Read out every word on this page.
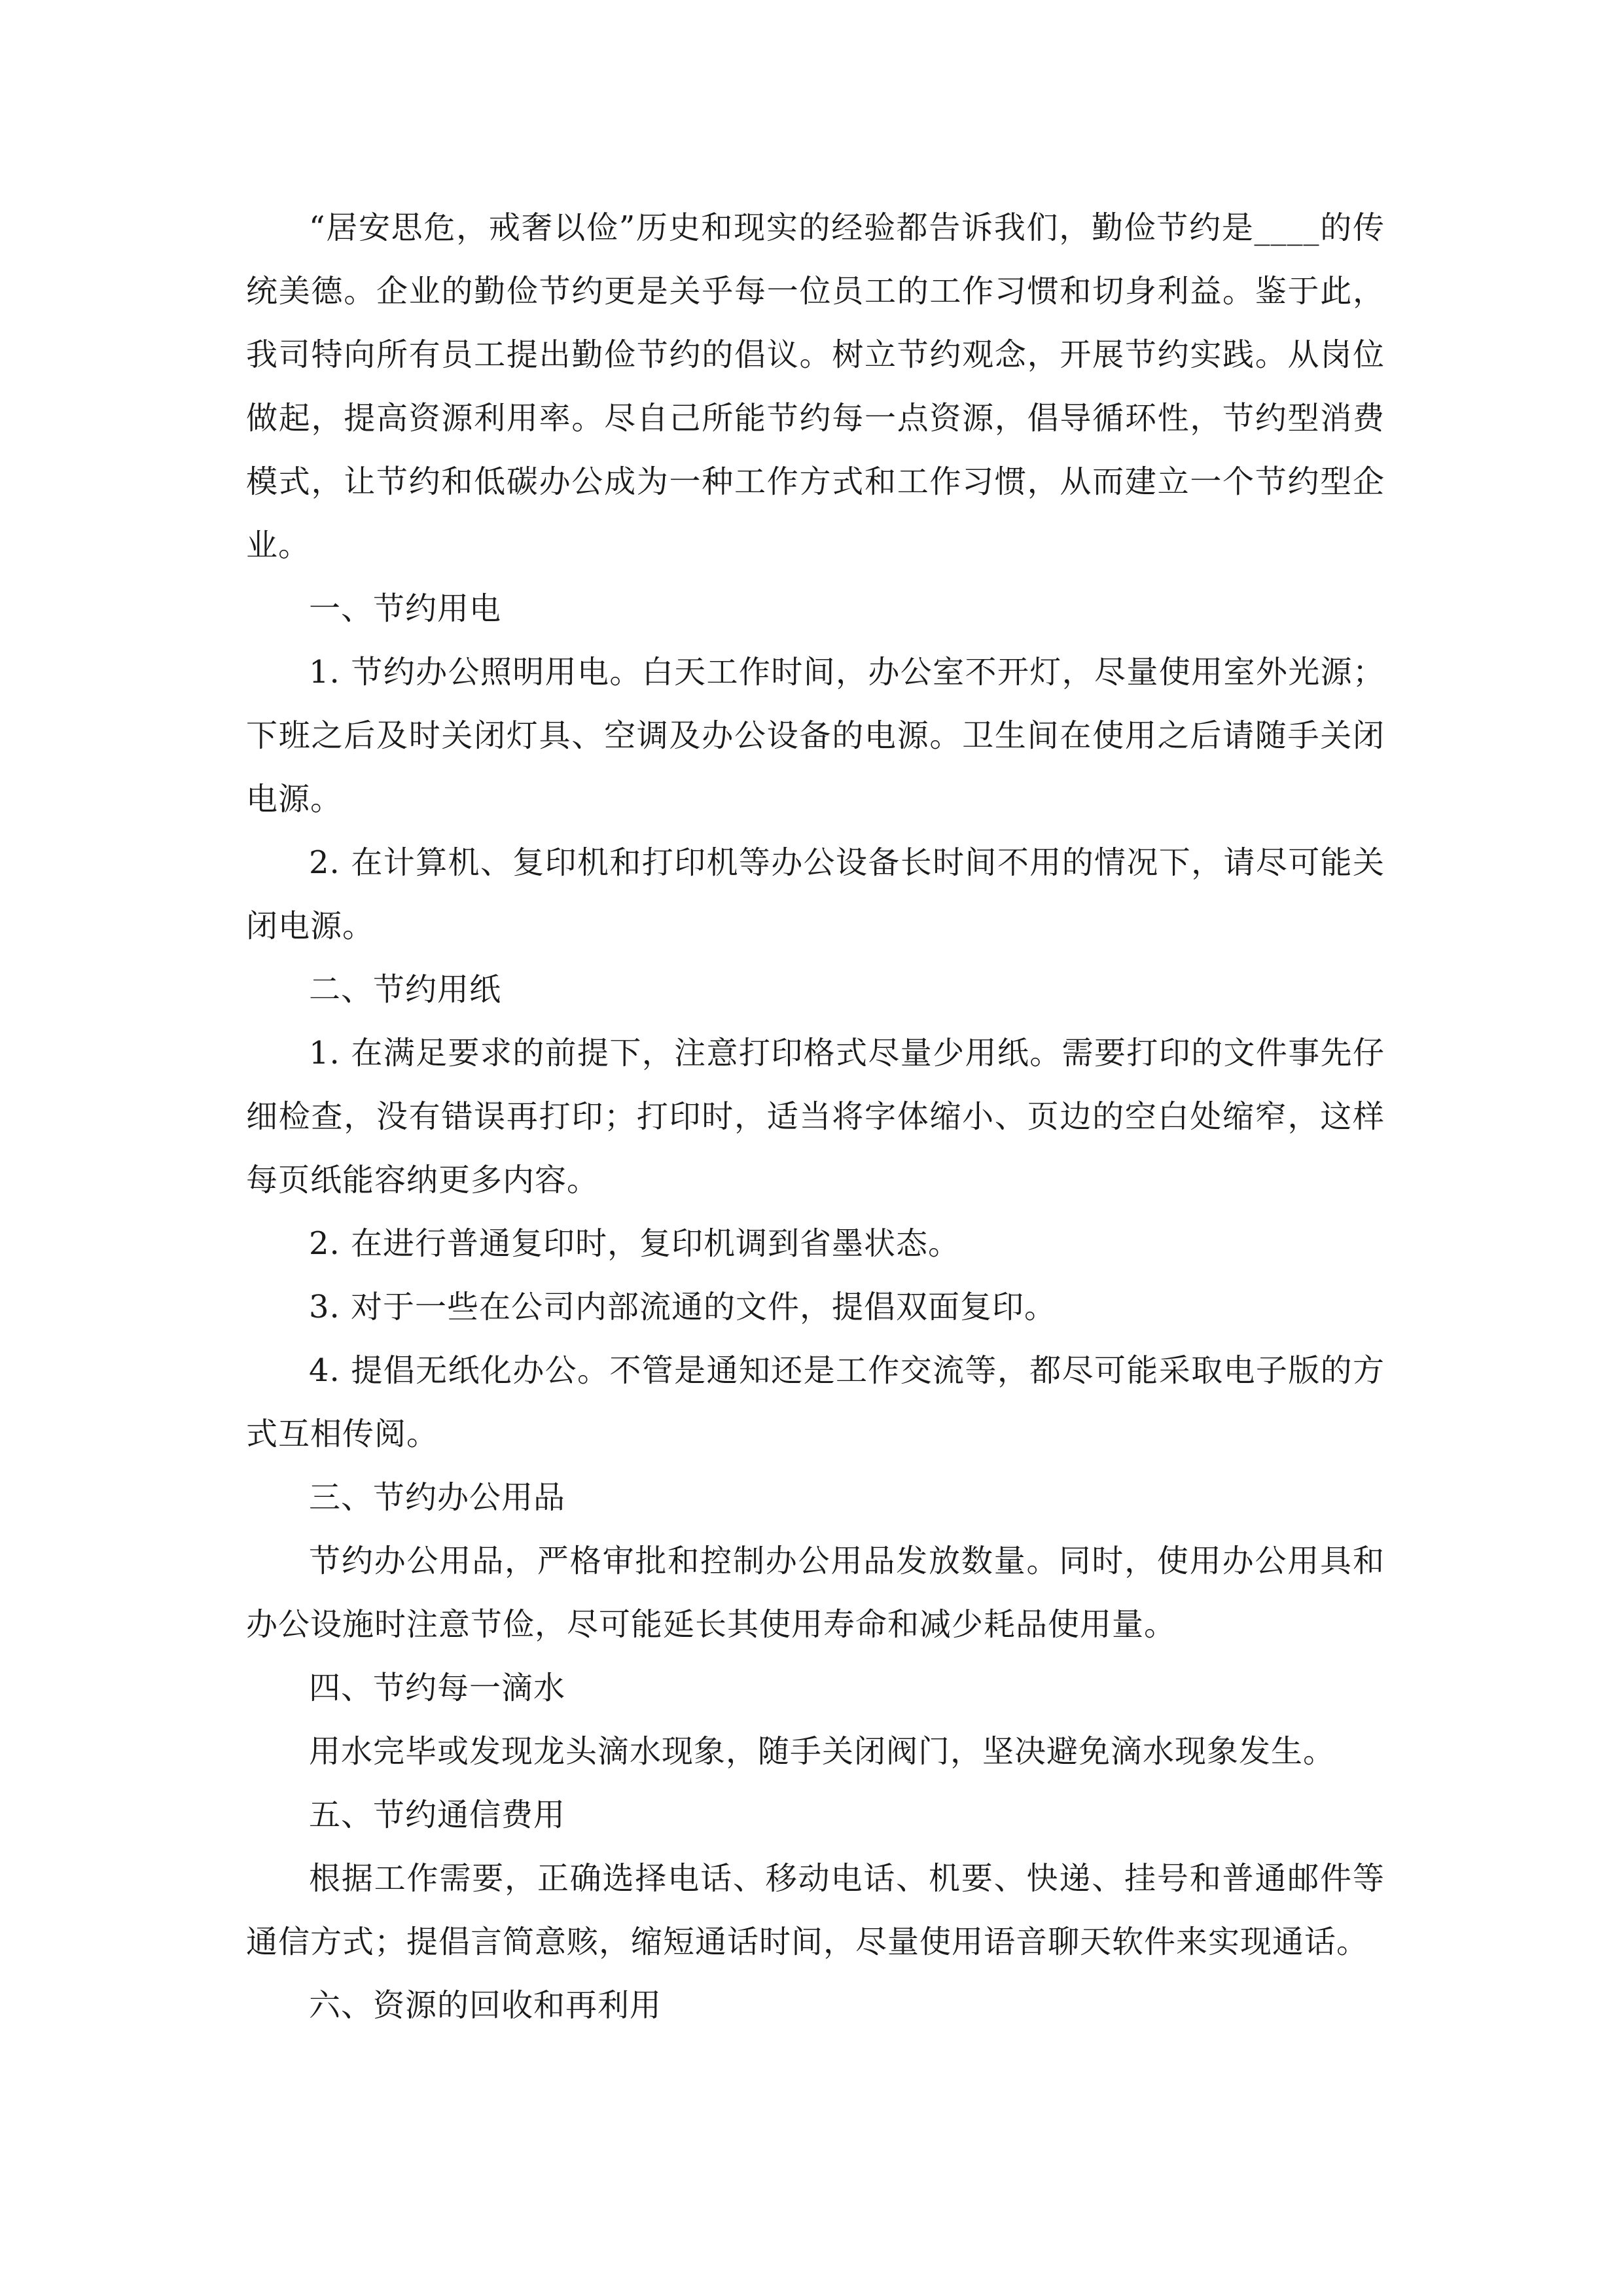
“居安思危，戒奢以俭”历史和现实的经验都告诉我们，勤俭节约是____的传统美德。企业的勤俭节约更是关乎每一位员工的工作习惯和切身利益。鉴于此，我司特向所有员工提出勤俭节约的倡议。树立节约观念，开展节约实践。从岗位做起，提高资源利用率。尽自己所能节约每一点资源，倡导循环性，节约型消费模式，让节约和低碳办公成为一种工作方式和工作习惯，从而建立一个节约型企业。

一、节约用电

1. 节约办公照明用电。白天工作时间，办公室不开灯，尽量使用室外光源；下班之后及时关闭灯具、空调及办公设备的电源。卫生间在使用之后请随手关闭电源。

2. 在计算机、复印机和打印机等办公设备长时间不用的情况下，请尽可能关闭电源。

二、节约用纸

1. 在满足要求的前提下，注意打印格式尽量少用纸。需要打印的文件事先仔细检查，没有错误再打印；打印时，适当将字体缩小、页边的空白处缩窄，这样每页纸能容纳更多内容。

2. 在进行普通复印时，复印机调到省墨状态。

3. 对于一些在公司内部流通的文件，提倡双面复印。

4. 提倡无纸化办公。不管是通知还是工作交流等，都尽可能采取电子版的方式互相传阅。

三、节约办公用品

节约办公用品，严格审批和控制办公用品发放数量。同时，使用办公用具和办公设施时注意节俭，尽可能延长其使用寿命和减少耗品使用量。

四、节约每一滴水

用水完毕或发现龙头滴水现象，随手关闭阀门，坚决避免滴水现象发生。

五、节约通信费用

根据工作需要，正确选择电话、移动电话、机要、快递、挂号和普通邮件等通信方式；提倡言简意赅，缩短通话时间，尽量使用语音聊天软件来实现通话。

六、资源的回收和再利用
